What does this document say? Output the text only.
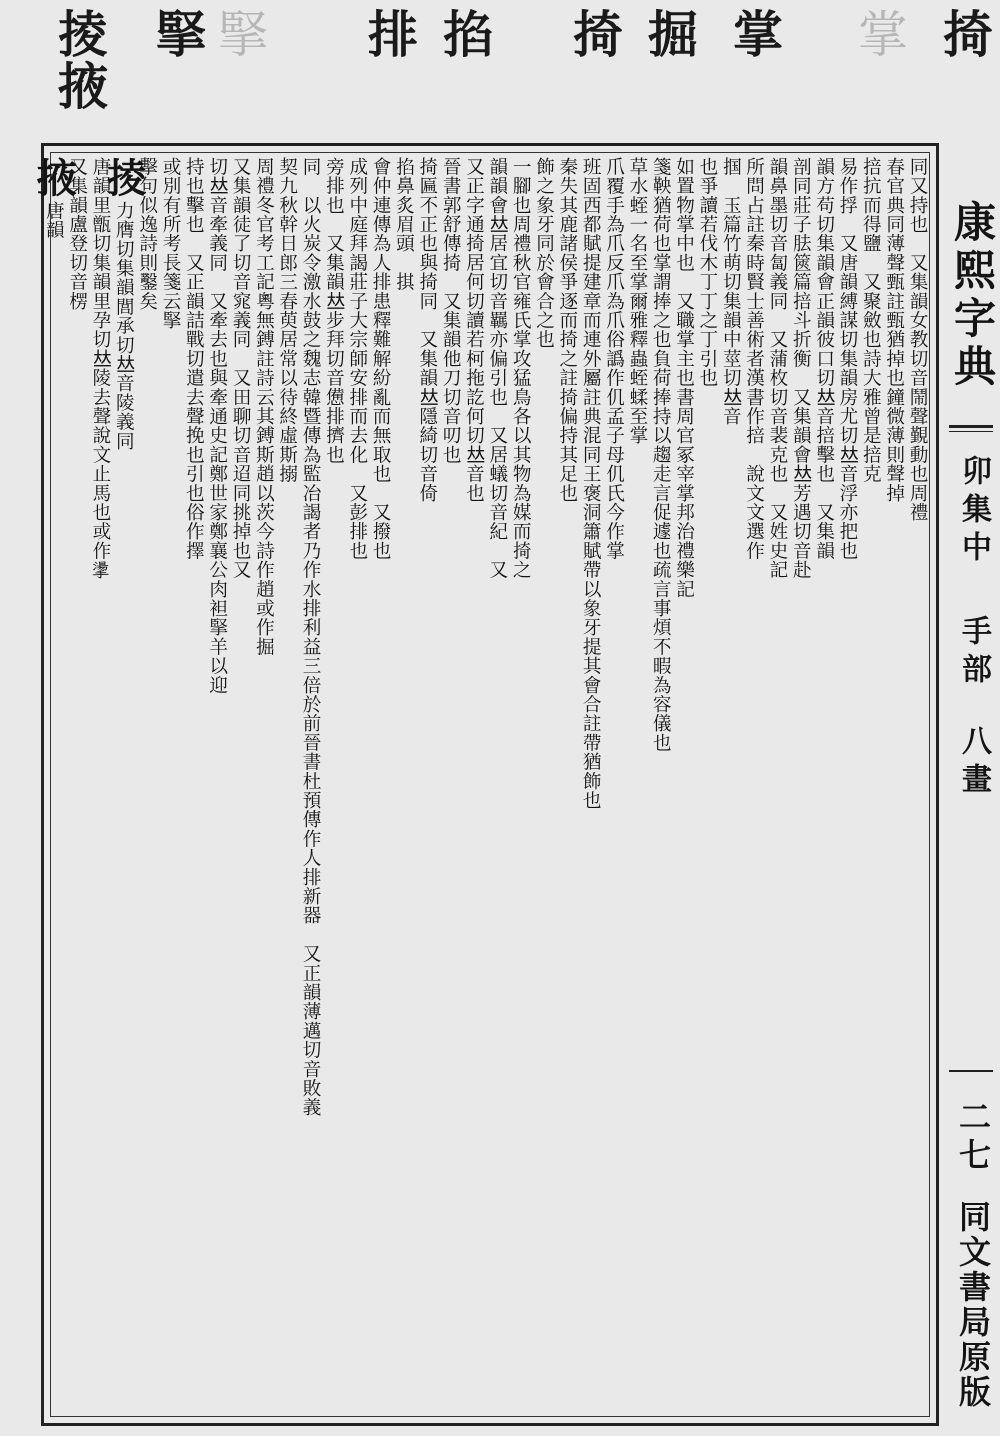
掎
掌
掌
掘
掎
掐
排
掔
掔
掕掖
康熙字典
卯集中
手部
八畫
二七
同文書局原版
同又持也　又集韻女教切音鬧聲覲動也周禮
春官典同薄聲甄註甄猶掉也鐘微薄則聲掉
掊抗而得鹽　又聚斂也詩大雅曾是掊克
易作捊　又唐韻縛謀切集韻房尤切𠀤音浮亦把也
韻方苟切集韻會正韻彼口切𠀤音掊擊也　又集韻
剖同莊子胠篋篇掊斗折衡　又集韻會𠀤芳遇切音赴
韻鼻墨切音匐義同　又蒲枚切音裴克也　又姓史記
所問占註秦時賢士善術者漢書作掊　說文文選作
掴　玉篇竹萌切集韻中莖切𠀤音
也爭讀若伐木丁丁之丁引也
如置物掌中也　又職掌主也書周官冢宰掌邦治禮樂記
箋鞅猶荷也掌謂捧之也負荷捧持以趨走言促遽也疏言事煩不暇為容儀也
草水蛭一名至掌爾雅釋蟲蛭蝚至掌
爪覆手為爪反爪為爪俗譌作仉孟子母仉氏今作掌
班固西都賦提建章而連外屬註典混同王褒洞簫賦帶以象牙提其會合註帶猶飾也
秦失其鹿諸侯爭逐而掎之註掎偏持其足也
飾之象牙同於會合之也
一腳也周禮秋官雍氏掌攻猛鳥各以其物為媒而掎之
韻韻會𠀤居宜切音羈亦偏引也　又居蟻切音紀　又
又正字通掎居何切讀若柯拖訖何切𠀤音也
晉書郭舒傳掎　又集韻他刀切音叨也
掎匾不正也與掎同　又集韻𠀤隱綺切音倚
掐鼻炙眉頭　掑
會仲連傳為人排患釋難解紛亂而無取也　又撥也
成列中庭拜謁莊子大宗師安排而去化　又彭排也
旁排也　又集韻𠀤步拜切音憊排擠也
同　以火炭令激水鼓之魏志韓暨傳為監冶謁者乃作水排利益三倍於前晉書杜預傳作人排新器　又正韻薄邁切音敗義
契九秋幹日郎三春萸居常以待終虛斯搦
周禮冬官考工記粵無鎛註詩云其鎛斯趙以茨今詩作趙或作掘
又集韻徒了切音窕義同　又田聊切音迢同挑掉也又
切𠀤音牽義同　又牽去也與牽通史記鄭世家鄭襄公肉袒掔羊以迎
持也擊也　又正韻詰戰切遣去聲挽也引也俗作擇
或別有所考長箋云掔
擊句似逸詩則鑿矣
掕力膺切集韻閭承切𠀤音陵義同
唐韻里甑切集韻里孕切𠀤陵去聲說文止馬也或作𢴳
又集韻盧登切音楞
掖唐韻
